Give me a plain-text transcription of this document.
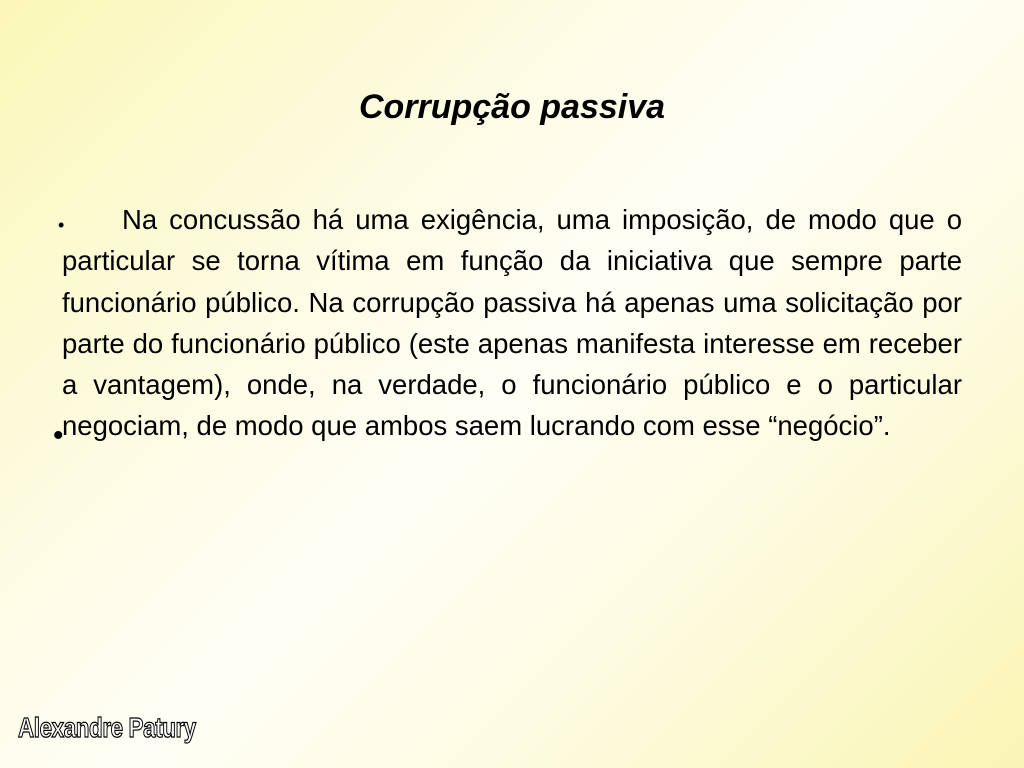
Corrupção passiva
•
•

Na concussão há uma exigência, uma imposição, de modo que o particular se torna vítima em função da iniciativa que sempre parte funcionário público. Na corrupção passiva há apenas uma solicitação por parte do funcionário público (este apenas manifesta interesse em receber a vantagem), onde, na verdade, o funcionário público e o particular negociam, de modo que ambos saem lucrando com esse “negócio”.

Alexandre Patury
